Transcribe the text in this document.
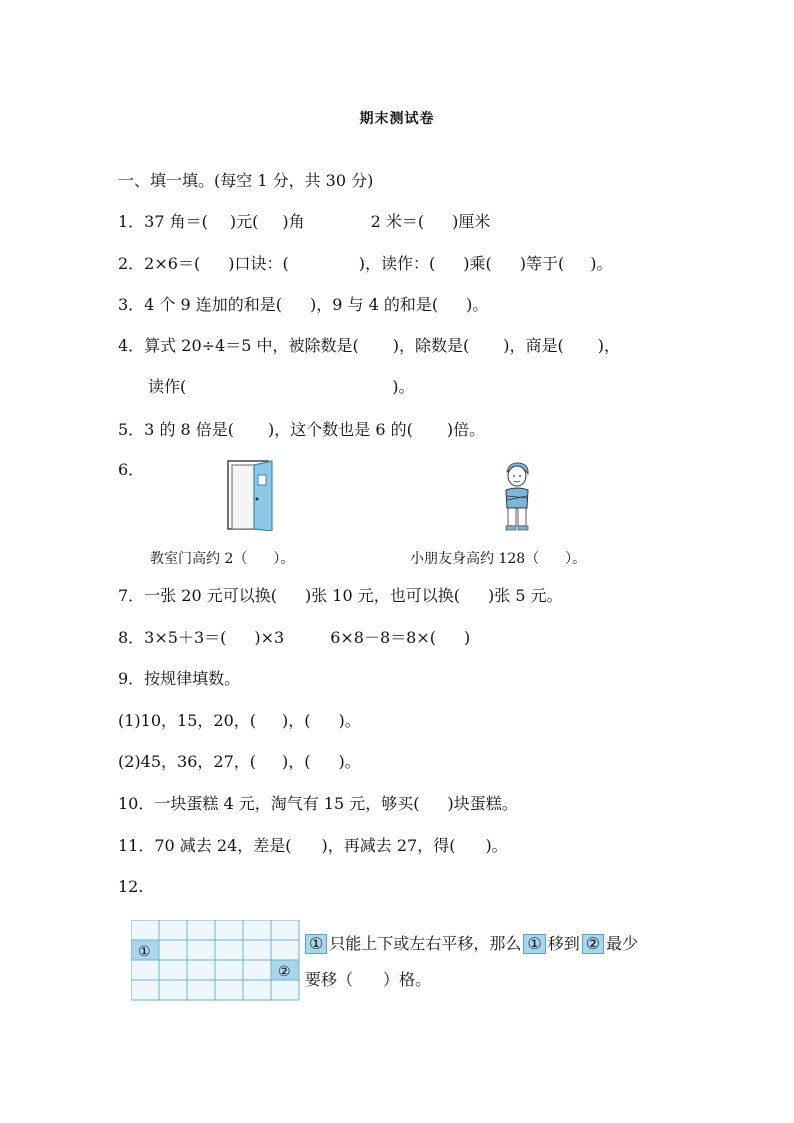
期末测试卷
一、填一填。(每空 1 分，共 30 分)
1．37 角＝( )元( )角	2 米＝( )厘米
2．2×6＝( )口诀：(	)，读作：( )乘( )等于( )。
3．4 个 9 连加的和是( )，9 与 4 的和是( )。
4．算式 20÷4＝5 中，被除数是( )，除数是( )，商是( )，
读作(	)。
5．3 的 8 倍是( )，这个数也是 6 的( )倍。
6．
教室门高约 2（ ）。	小朋友身高约 128（ ）。
7．一张 20 元可以换( )张 10 元，也可以换( )张 5 元。
8．3×5＋3＝( )×3	6×8－8＝8×( )
9．按规律填数。
(1)10，15，20，( )，( )。
(2)45，36，27，( )，( )。
10．一块蛋糕 4 元，淘气有 15 元，够买( )块蛋糕。
11．70 减去 24，差是( )，再减去 27，得( )。
12.
①
②
① 只能上下或左右平移，那么 ① 移到 ② 最少
要移（ ）格。
